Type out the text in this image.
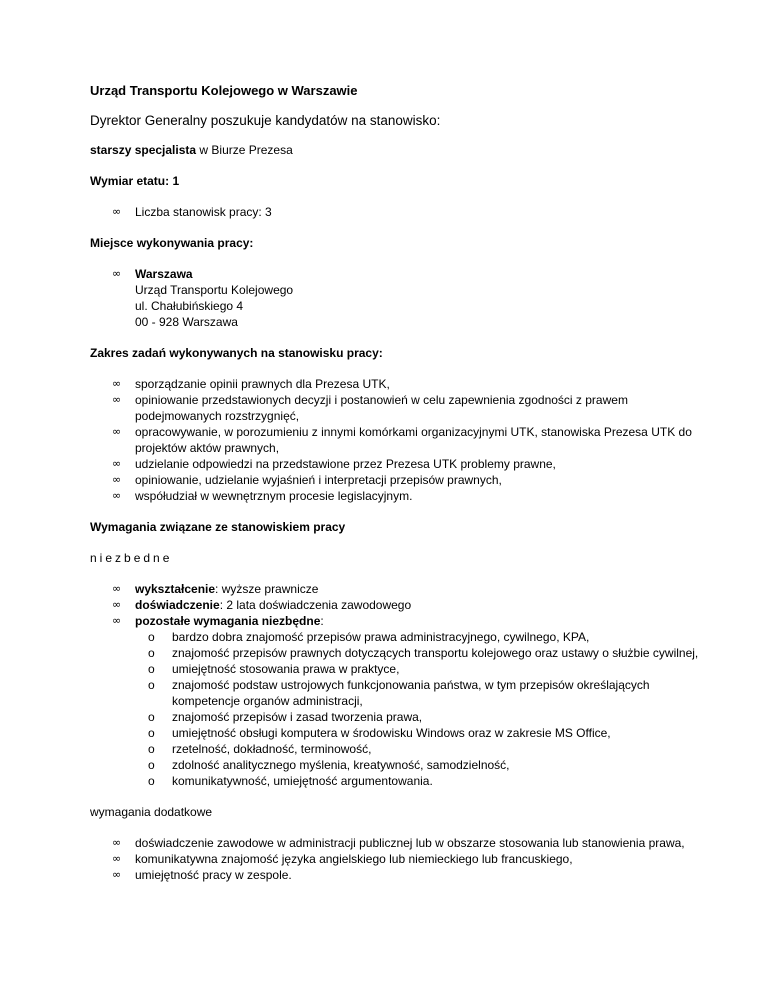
Urząd Transportu Kolejowego w Warszawie

Dyrektor Generalny poszukuje kandydatów na stanowisko:

starszy specjalista w Biurze Prezesa

Wymiar etatu: 1

∞ Liczba stanowisk pracy: 3

Miejsce wykonywania pracy:

∞ Warszawa
Urząd Transportu Kolejowego
ul. Chałubińskiego 4
00 - 928 Warszawa

Zakres zadań wykonywanych na stanowisku pracy:

∞ sporządzanie opinii prawnych dla Prezesa UTK,
∞ opiniowanie przedstawionych decyzji i postanowień w celu zapewnienia zgodności z prawem podejmowanych rozstrzygnięć,
∞ opracowywanie, w porozumieniu z innymi komórkami organizacyjnymi UTK, stanowiska Prezesa UTK do projektów aktów prawnych,
∞ udzielanie odpowiedzi na przedstawione przez Prezesa UTK problemy prawne,
∞ opiniowanie, udzielanie wyjaśnień i interpretacji przepisów prawnych,
∞ współudział w wewnętrznym procesie legislacyjnym.

Wymagania związane ze stanowiskiem pracy

niezbedne

∞ wykształcenie: wyższe prawnicze
∞ doświadczenie: 2 lata doświadczenia zawodowego
∞ pozostałe wymagania niezbędne:
o bardzo dobra znajomość przepisów prawa administracyjnego, cywilnego, KPA,
o znajomość przepisów prawnych dotyczących transportu kolejowego oraz ustawy o służbie cywilnej,
o umiejętność stosowania prawa w praktyce,
o znajomość podstaw ustrojowych funkcjonowania państwa, w tym przepisów określających kompetencje organów administracji,
o znajomość przepisów i zasad tworzenia prawa,
o umiejętność obsługi komputera w środowisku Windows oraz w zakresie MS Office,
o rzetelność, dokładność, terminowość,
o zdolność analitycznego myślenia, kreatywność, samodzielność,
o komunikatywność, umiejętność argumentowania.

wymagania dodatkowe

∞ doświadczenie zawodowe w administracji publicznej lub w obszarze stosowania lub stanowienia prawa,
∞ komunikatywna znajomość języka angielskiego lub niemieckiego lub francuskiego,
∞ umiejętność pracy w zespole.
